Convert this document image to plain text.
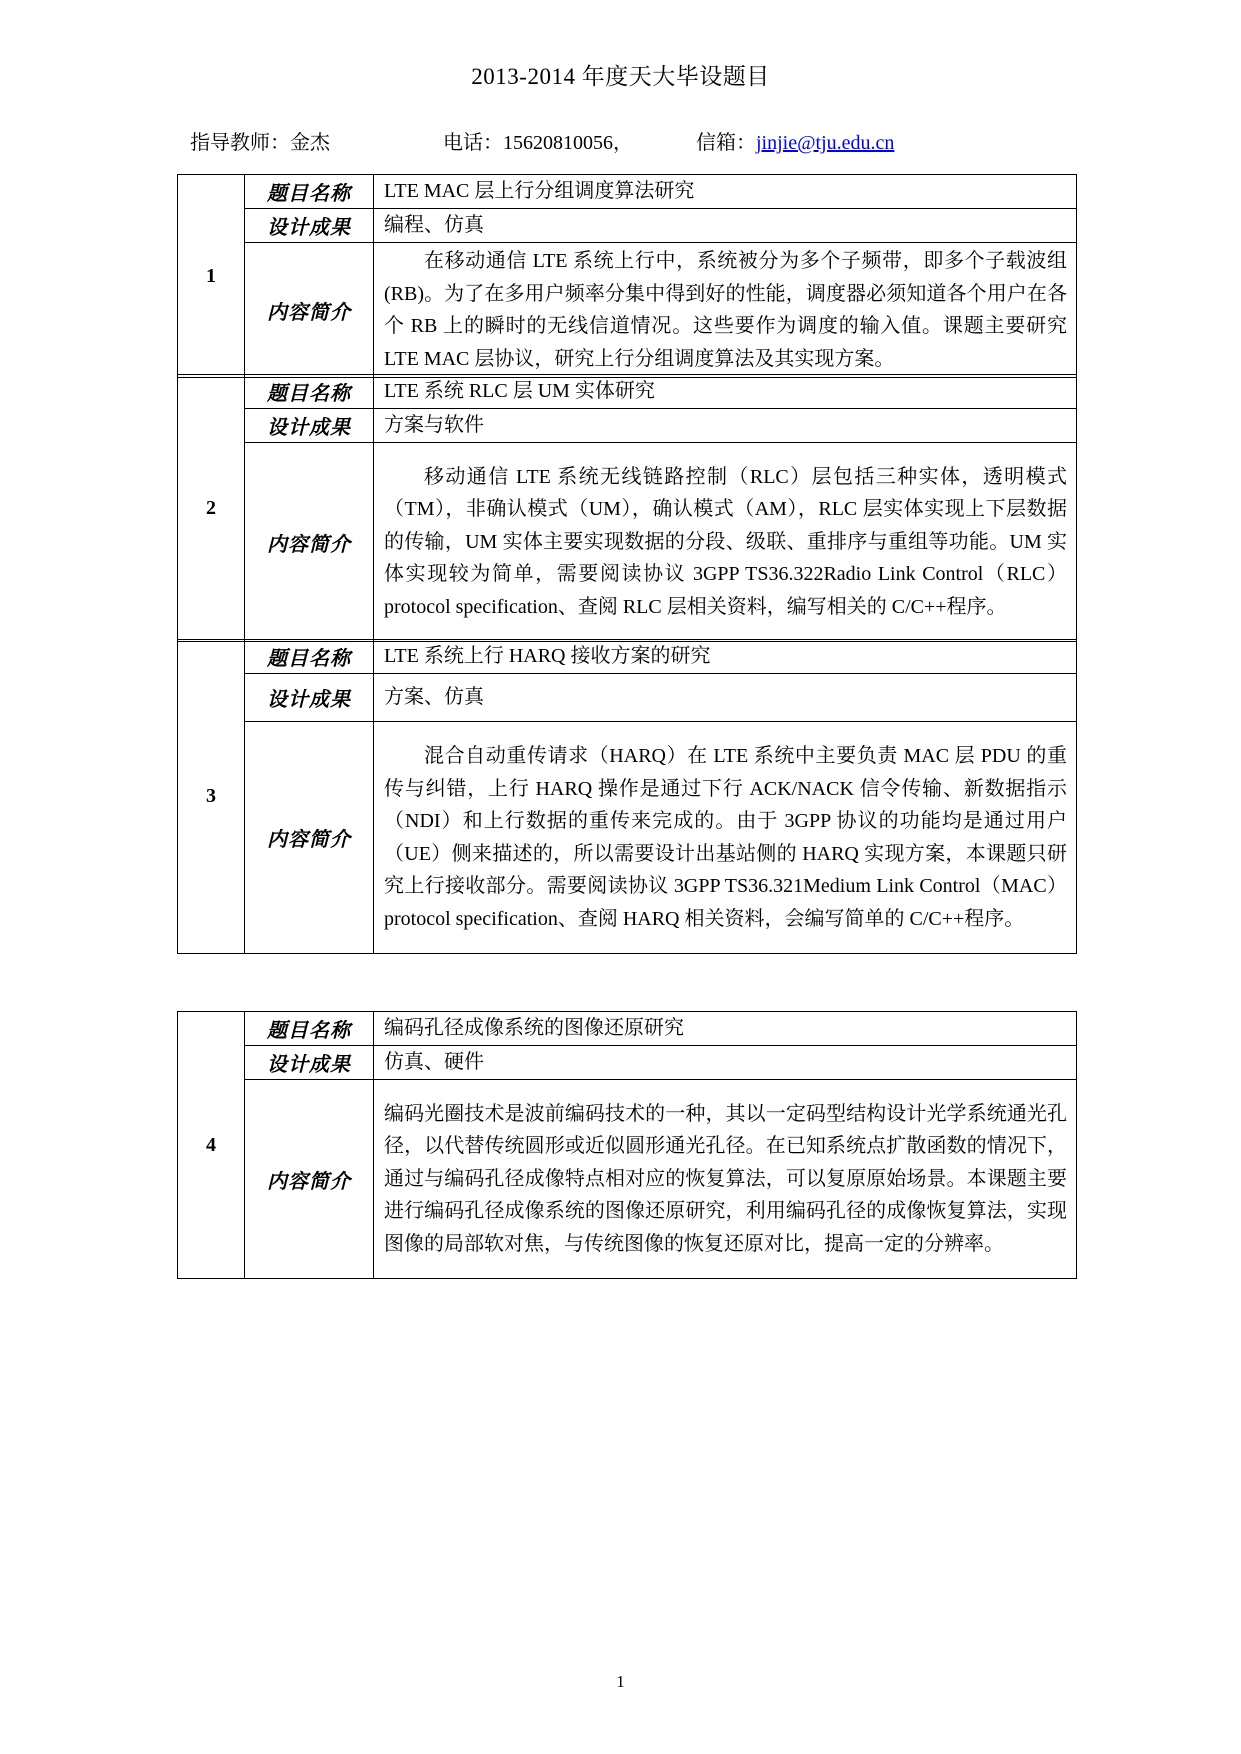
2013-2014 年度天大毕设题目
指导教师：金杰	电话：15620810056，	信箱：jinjie@tju.edu.cn
1	题目名称	LTE MAC 层上行分组调度算法研究
	设计成果	编程、仿真
	内容简介	在移动通信 LTE 系统上行中，系统被分为多个子频带，即多个子载波组(RB)。为了在多用户频率分集中得到好的性能，调度器必须知道各个用户在各个 RB 上的瞬时的无线信道情况。这些要作为调度的输入值。课题主要研究 LTE MAC 层协议，研究上行分组调度算法及其实现方案。
2	题目名称	LTE 系统 RLC 层 UM 实体研究
	设计成果	方案与软件
	内容简介	移动通信 LTE 系统无线链路控制（RLC）层包括三种实体，透明模式（TM），非确认模式（UM），确认模式（AM），RLC 层实体实现上下层数据的传输，UM 实体主要实现数据的分段、级联、重排序与重组等功能。UM 实体实现较为简单，需要阅读协议 3GPP TS36.322Radio Link Control（RLC） protocol specification、查阅 RLC 层相关资料，编写相关的 C/C++程序。
3	题目名称	LTE 系统上行 HARQ 接收方案的研究
	设计成果	方案、仿真
	内容简介	混合自动重传请求（HARQ）在 LTE 系统中主要负责 MAC 层 PDU 的重传与纠错，上行 HARQ 操作是通过下行 ACK/NACK 信令传输、新数据指示（NDI）和上行数据的重传来完成的。由于 3GPP 协议的功能均是通过用户（UE）侧来描述的，所以需要设计出基站侧的 HARQ 实现方案，本课题只研究上行接收部分。需要阅读协议 3GPP TS36.321Medium Link Control（MAC） protocol specification、查阅 HARQ 相关资料，会编写简单的 C/C++程序。
4	题目名称	编码孔径成像系统的图像还原研究
	设计成果	仿真、硬件
	内容简介	编码光圈技术是波前编码技术的一种，其以一定码型结构设计光学系统通光孔径，以代替传统圆形或近似圆形通光孔径。在已知系统点扩散函数的情况下，通过与编码孔径成像特点相对应的恢复算法，可以复原原始场景。本课题主要进行编码孔径成像系统的图像还原研究，利用编码孔径的成像恢复算法，实现图像的局部软对焦，与传统图像的恢复还原对比，提高一定的分辨率。
1
